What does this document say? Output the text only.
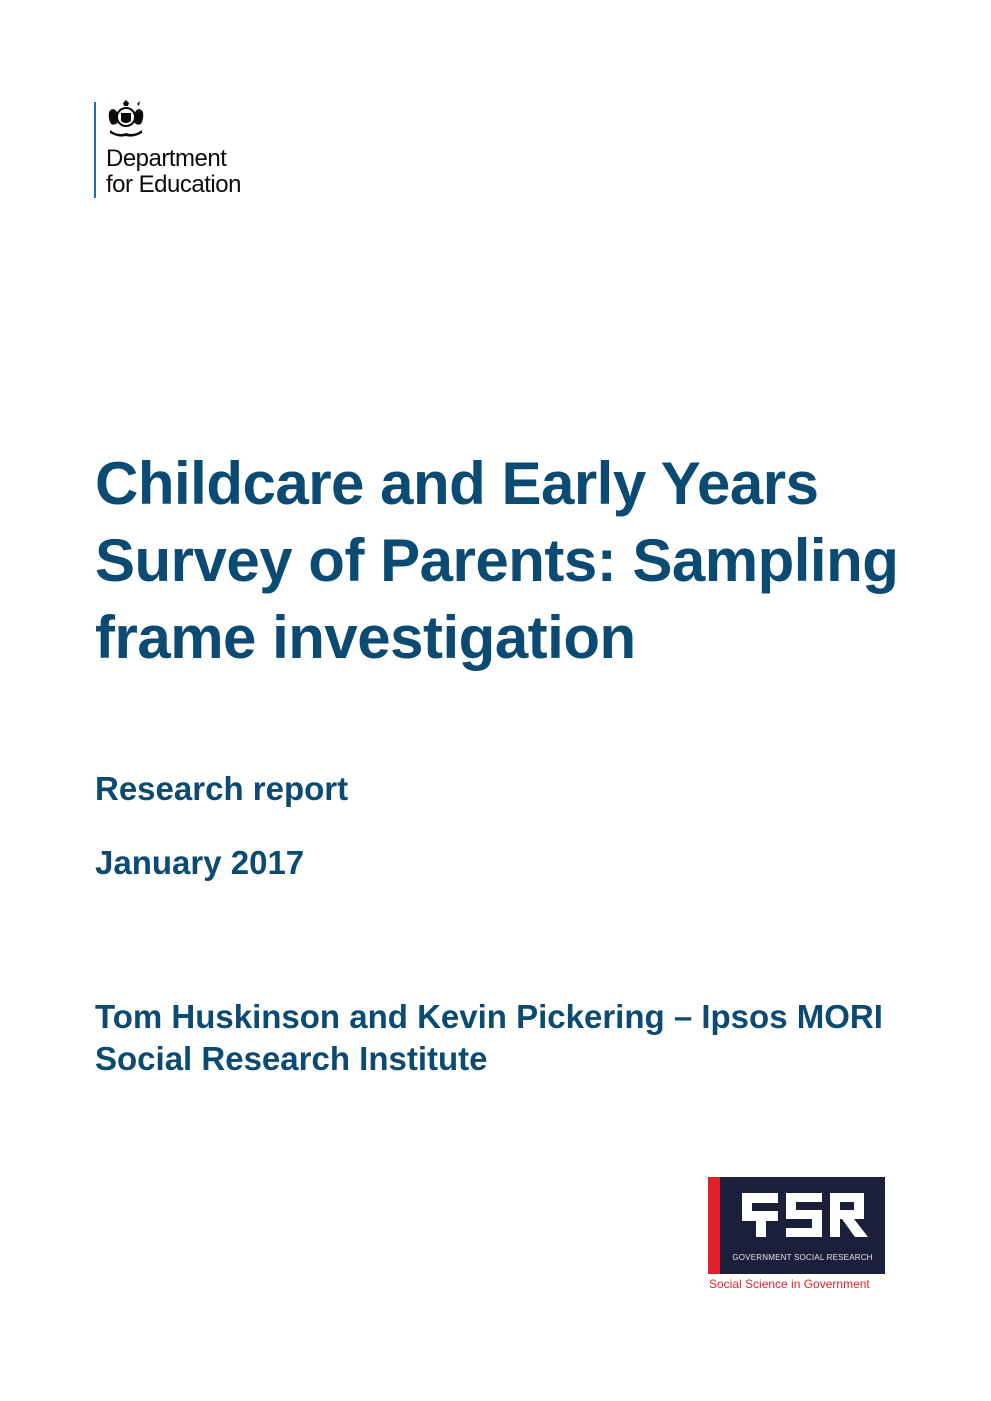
Department
for Education
Childcare and Early Years Survey of Parents: Sampling frame investigation
Research report
January 2017
Tom Huskinson and Kevin Pickering – Ipsos MORI Social Research Institute
GOVERNMENT SOCIAL RESEARCH
Social Science in Government
